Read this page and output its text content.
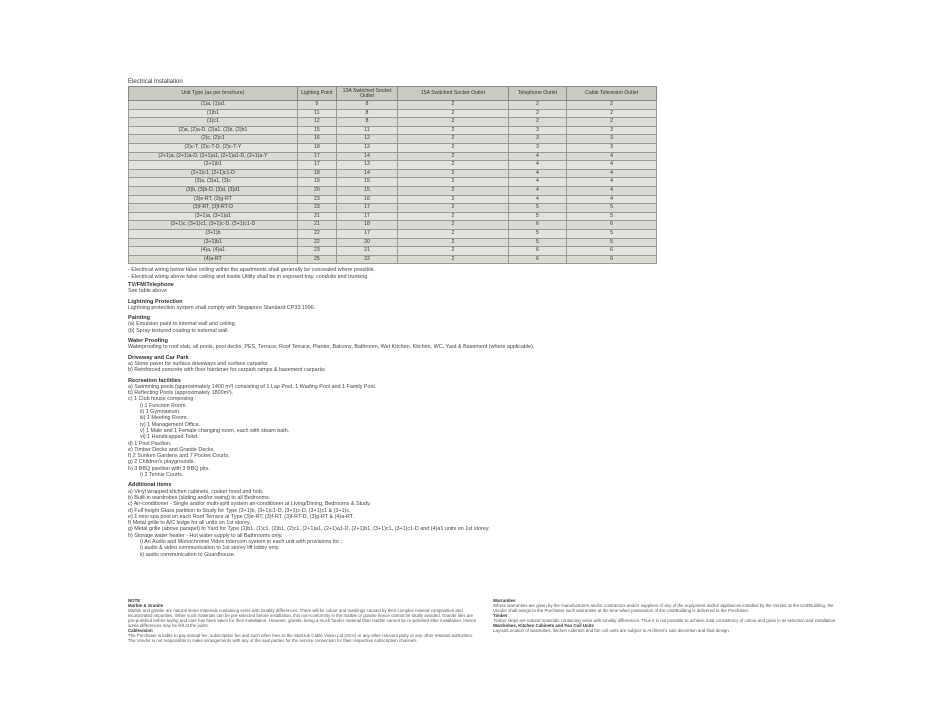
Electrical Installation
Unit Type (as per brochure)	Lighting Point	13A Switched Socket Outlet	15A Switched Socket Outlet	Telephone Outlet	Cable Television Outlet
(1)a, (1)a1	9	8	2	2	2
(1)b1	11	8	2	2	2
(1)c1	12	8	2	2	2
(2)a, (2)a-D, (2)a1, (2)b, (2)b1	15	11	2	3	3
(2)c, (2)c1	16	12	2	3	3
(2)c-T, (2)c-T-D, (2)c-T-Y	18	12	2	3	3
(2+1)a, (2+1)a-D, (2+1)a1, (2+1)a1-D, (2+1)a-Y	17	14	2	4	4
(2+1)b1	17	13	2	4	4
(2+1)c1, (2+1)c1-D	18	14	2	4	4
(3)a, (3)a1, (3)c	19	15	2	4	4
(3)b, (3)b-D, (3)d, (3)d1	20	15	2	4	4
(3)e-RT, (3)g-RT	23	16	2	4	4
(3)f-RT, (3)f-RT-D	23	17	2	5	5
(3+1)a, (3+1)a1	21	17	2	5	5
(3+1)c, (3+1)c1, (3+1)c-D, (3+1)c1-D	21	18	2	6	6
(3+1)b	22	17	2	5	5
(3+1)b1	22	20	2	5	5
(4)a, (4)a1	23	21	2	6	6
(4)a-RT	25	22	2	6	6
- Electrical wiring below false ceiling within the apartments shall generally be concealed where possible.
- Electrical wiring above false ceiling and inside Utility shall be in exposed tray, conduits and trunking.
TV/FM/Telephone
See table above
Lightning Protection
Lightning protection system shall comply with Singapore Standard CP33:1996.
Painting
(a) Emulsion paint to internal wall and ceiling.
(b) Spray textured coating to external wall.
Water Proofing
Waterproofing to roof slab, all pools, pool decks, PES, Terrace, Roof Terrace, Planter, Balcony, Bathroom, Wet Kitchen, Kitchen, WC, Yard & Basement (where applicable).
Driveway and Car Park
a) Stone paver for surface driveways and surface carparks
b) Reinforced concrete with floor hardener for carpark ramps & basement carparks
Recreation facilities
a) Swimming pools (approximately 1400 m²) consisting of 1 Lap Pool, 1 Wading Pool and 1 Family Pool.
b) Reflecting Pools (approximately 1800m²).
c) 1 Club house comprising :
i) 1 Function Room.
ii) 1 Gymnasium.
iii) 1 Meeting Room.
iv) 1 Management Office.
v) 1 Male and 1 Female changing room, each with steam bath.
vi) 1 Handicapped Toilet.
d) 1 Pool Pavilion.
e) Timber Decks and Granite Decks.
f) 2 Sunken Gardens and 7 Pocket Courts.
g) 2 Children's playgrounds.
h) 3 BBQ pavilion with 3 BBQ pits.
i) 2 Tennis Courts.
Additional items
a) Vinyl wrapped kitchen cabinets, cooker hood and hob.
b) Built-in wardrobes (sliding and/or swing) to all Bedrooms.
c) Air-conditioner - Single and/or multi-split system air-conditioner at Living/Dining, Bedrooms & Study.
d) Full height Glass partition to Study for Type (3+1)b, (3+1)c1-D, (3+1)c-D, (3+1)c1 & (3+1)c.
e) 1 mini spa pool on each Roof Terrace at Type (3)e-RT, (3)f-RT, (3)f-RT-D, (3)g-RT & (4)a-RT.
f) Metal grille to A/C ledge for all units on 1st storey.
g) Metal grille (above parapet) to Yard for Type (1)b1, (1)c1, (2)b1, (2)c1, (2+1)a1, (2+1)a1-D, (2+1)b1, (3+1)c1, (3+1)c1-D and (4)a1 units on 1st storey.
h) Storage water heater - Hot water supply to all Bathrooms only.
i) An Audio and Monochrome Video Intercom system in each unit with provisions for :
i) audio & video communication to 1st storey lift lobby only.
ii) audio communication to Guardhouse.

NOTE :

Marble & Granite

Marble and granite are natural stone materials containing veins with tonality differences. There will be colour and markings caused by their complex mineral composition and incorporated impurities. While such materials can be pre-selected before installation, this non-conformity in the marble or granite hence cannot be totally avoided. Granite tiles are pre-polished before laying and care has been taken for their installation. However, granite, being a much harder material than marble cannot be re-polished after installation. Hence some differences may be felt at the joints.

Cablevision

The Purchaser is liable to pay annual fee, subscription fee and such other fees to the StarHub Cable Vision Ltd (SCV) or any other relevant party or any other relevant authorities. The Vendor is not responsible to make arrangements with any of the said parties for the service connection for their respective subscription channels.

Warranties

Where warranties are given by the manufacturers and/or contractors and/or suppliers of any of the equipment and/or appliances installed by the Vendor at the Unit/Building, the Vendor shall assign to the Purchaser such warranties at the time when possession of the Unit/Building is delivered to the Purchaser.

Timber

Timber strips are natural materials containing veins with tonality differences. Thus it is not possible to achieve total consistency of colour and grain in its selection and installation.

Wardrobes, Kitchen Cabinets and Fan Coil Units

Layout/Location of wardrobes, kitchen cabinets and fan coil units are subject to Architect's sole discretion and final design.
